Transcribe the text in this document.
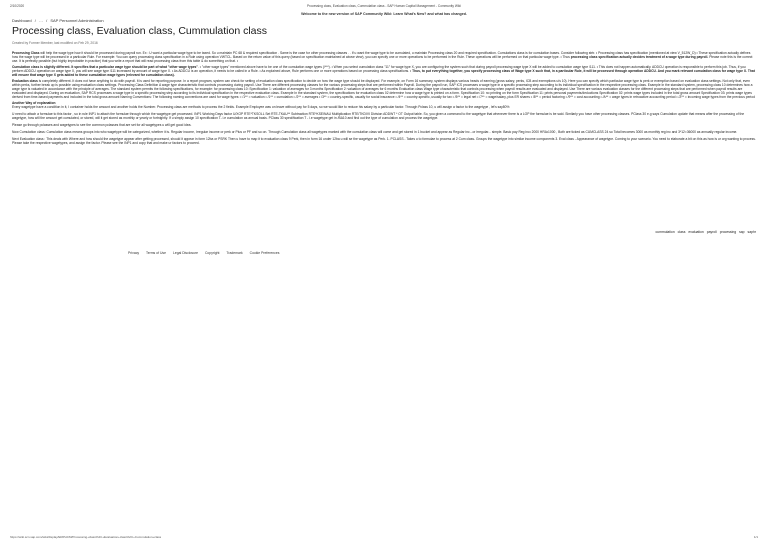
2/10/2020	Processing class, Evaluation class, Cummulation class - SAP Human Capital Management - Community Wiki
Welcome to the new version of SAP Community Wiki: Learn What's New? and what has changed.
Dashboard / … / SAP Personnel Administration
Processing class, Evaluation class, Cummulation class
Created by Former Member, last modified on Feb 29, 2016

Processing Class will help the wage type how it should be processed during payroll run. Ex : U want a particular wage type to be taxed. So u maintain PC 68 & required specification . Same is the case for other processing classes . . If u want the wage type to be cumulated, u maintain Processing class 20 and required specification. Cumulations class is for cumulation bases. Consider following strtr. • Processing class has specification (mentioned at view V_512W_D) • These specification actually defines how the wage type will be processed in a particular Rule. For example: You can query processing class specification in a Rule using operation VWTCL. Based on the return value of this query (based on specification maintained at above view), you can specify one or more operations to be performed in the Rule. These operations will be performed on that particular wage type. • Thus processing class specification actually decides treatment of a wage type during payroll. Please note this is the correct use. It is perfectly possible (but highly improbable in practice) that you write a report that will read processing class from this table & do something on that. •

Cumulation class is slightly different. It specifies that a particular wage type should be part of what "other wage types". • "other wage types" mentioned above have to be one of the cumulation wage types (/***). • When you select cumulation class "11" for wage type X, you are configuring the system such that during payroll processing wage type X will be added to cumulation wage type /111. • This does not happen automatically. ADDCU operation is responsible to perform this job. Thus, if you perform ADDCU operation on wage type X, you will see wage type /111 increased by amount of wage type X. • As ADDCU is an operation, it needs to be called in a Rule. • As explained above, Rule performs one or more operations based on processing class specifications. • Thus, to put everything together, you specify processing class of Wage type X such that, in a particular Rule, it will be processed through operation ADDCU. And you mark relevant cumulation class for wage type X. That will ensure that wage type X gets added to these cumulation wage types (relevant for cumulation class).

Evaluation class is completely different. It does not have anything to do with payroll. It is used for reporting purpose. In a report program, system can check for setting of evaluation class specification to decide on how the wage type should be displayed. For example, on Form 16 summary, system displays various heads of earning (gross salary, perks, ICB and exemptions u/s 10). Here you can specify which particular wage type is perk or exemption based on evaluation class settings. Not only that, even within perks, further break up is possible using evaluation class settings. Processing Class Definition A wage type characteristic that controls processing during payroll. Use There are different processing classes for the various processing steps that are performed within Payroll. During the payroll run, SAP ICS processes a wage type in a specific processing step according to its individual specification in the respective processing class. Example In the standard system, processing class 10 determines how a wage type is valuated in accordance with the principle of averages. The standard system permits the following specifications, for example: for processing class 10: Specification 1: valuation of averages for 3 months Specification 2: valuation of averages for 6 months Evaluation class Wage type characteristic that controls processing when payroll results are evaluated and displayed. Use There are various evaluation classes for the different processing steps that are performed when payroll results are evaluated and displayed. During an evaluation, SAP RCS processes a wage type in a specific processing step according to its individual specification in the respective evaluation class. Example In the standard system, the specifications for evaluation class 02 determine how a wage type is printed on a form. Specification 10: no printing on the form Specification 11: prints personal payments/deductions Specification 02: prints wage types included in the total gross amount Specification 03: prints wage types derived from time-based payments and included in the total gross amount Naming Conventions: The following naming conventions are used for wage types: • /1** = valuation • /1** = cumulation • /2** = averages • /3** = country-specific, usually for social insurance • /4** = country-specific, usually for tax • /5** = legal net • /7** = wage/salary, plus ER shares • /8** = period factoring • /9** = cost accounting • /A** = wage types in retroactive accounting period • /Z** = incoming wage types from the previous period

Another Way of explanation
Every wagetype have a condition in it, I container holds the amount and another holds the Number. Processing class are methods to process the 2 fields. Example Employee was on leave without pay for 5 days, so we would like to reduce his salary by a particular factor. Through Pclass 10, u will assign a factor to the wagetype , let's say80%

U need to attach a formulae to this factor , so in rule INP1 to attach the formulae through which the wagetype get processed. INP1 Working Days factor U/XOP RTE*TKSOLL Set RTE-TKAU** Subtraction RTE*KSEINAU Multiplication RTE/TKDIVI Division ADDWT * OT Output table. So, you given a command to the wagetype that whenever there is a LOP the formulae is be said. Similarly you have other processing classes. PClass 30 e.g says Cumulation update that means after the processing of the wagetype, how will the amount get cumulated, or stored, will it get stored as monthly or yearly or fortnightly. If u simply assign 10 specification T- i.e cumulation as annual basis. PClass 30 speciification T - i.e wagetype get in /BA10 and find out the type of cumulation and process the wagetype.

Please go through pclasses and wagetypes to see the common pclasses that are set for all wagetypes u will get good idea.

Now Cumulation class: Cumulation class means groups into who wagetype will be categorized, whether it is. Regular income, Irregular income or perk or Plus or PF and so on. Through Cumulation class all wagetypes marked with the cumulation class will come and get stored in 1 bucket and appear as Regular inc...or irregular... simple. Basic pay Reg inc• 2000 HRA•1000 , Both are ticked as CUMCLASS 24 so Total becomes 3000 as monthly reg inc and 3*12=36000 as annually regular income.

Next Evaluation class : This deals with Where and how should the wagetype appear after getting processed, should it appear in form 12ba or PSRK Then u have to map it to evaluation class 9 Perk, then in form 16 under 12ba u will se the wagetype as Perk. 1. PCLASS - Takes u to formulae to process at 2 Cum class- Groups the wagetype into similar income components 3. Eval class - Appearance of wagetype. Coming to your scenario. You need to elaborate a bit on this as how is ur org wanting to process. Please take the respective wagetypes, and assign the factor. Please see the INP1 and copy that and make ur factors to proceed.

cummulation class evaluation payroll processing sap saphr
Privacy Terms of Use Legal Disclosure Copyright Trademark Cookie Preferences
https://wiki.scn.sap.com/wiki/display/ERPHCM/Processing+class%2C+Evaluation+class%2C+Cummulation+class	1/1
